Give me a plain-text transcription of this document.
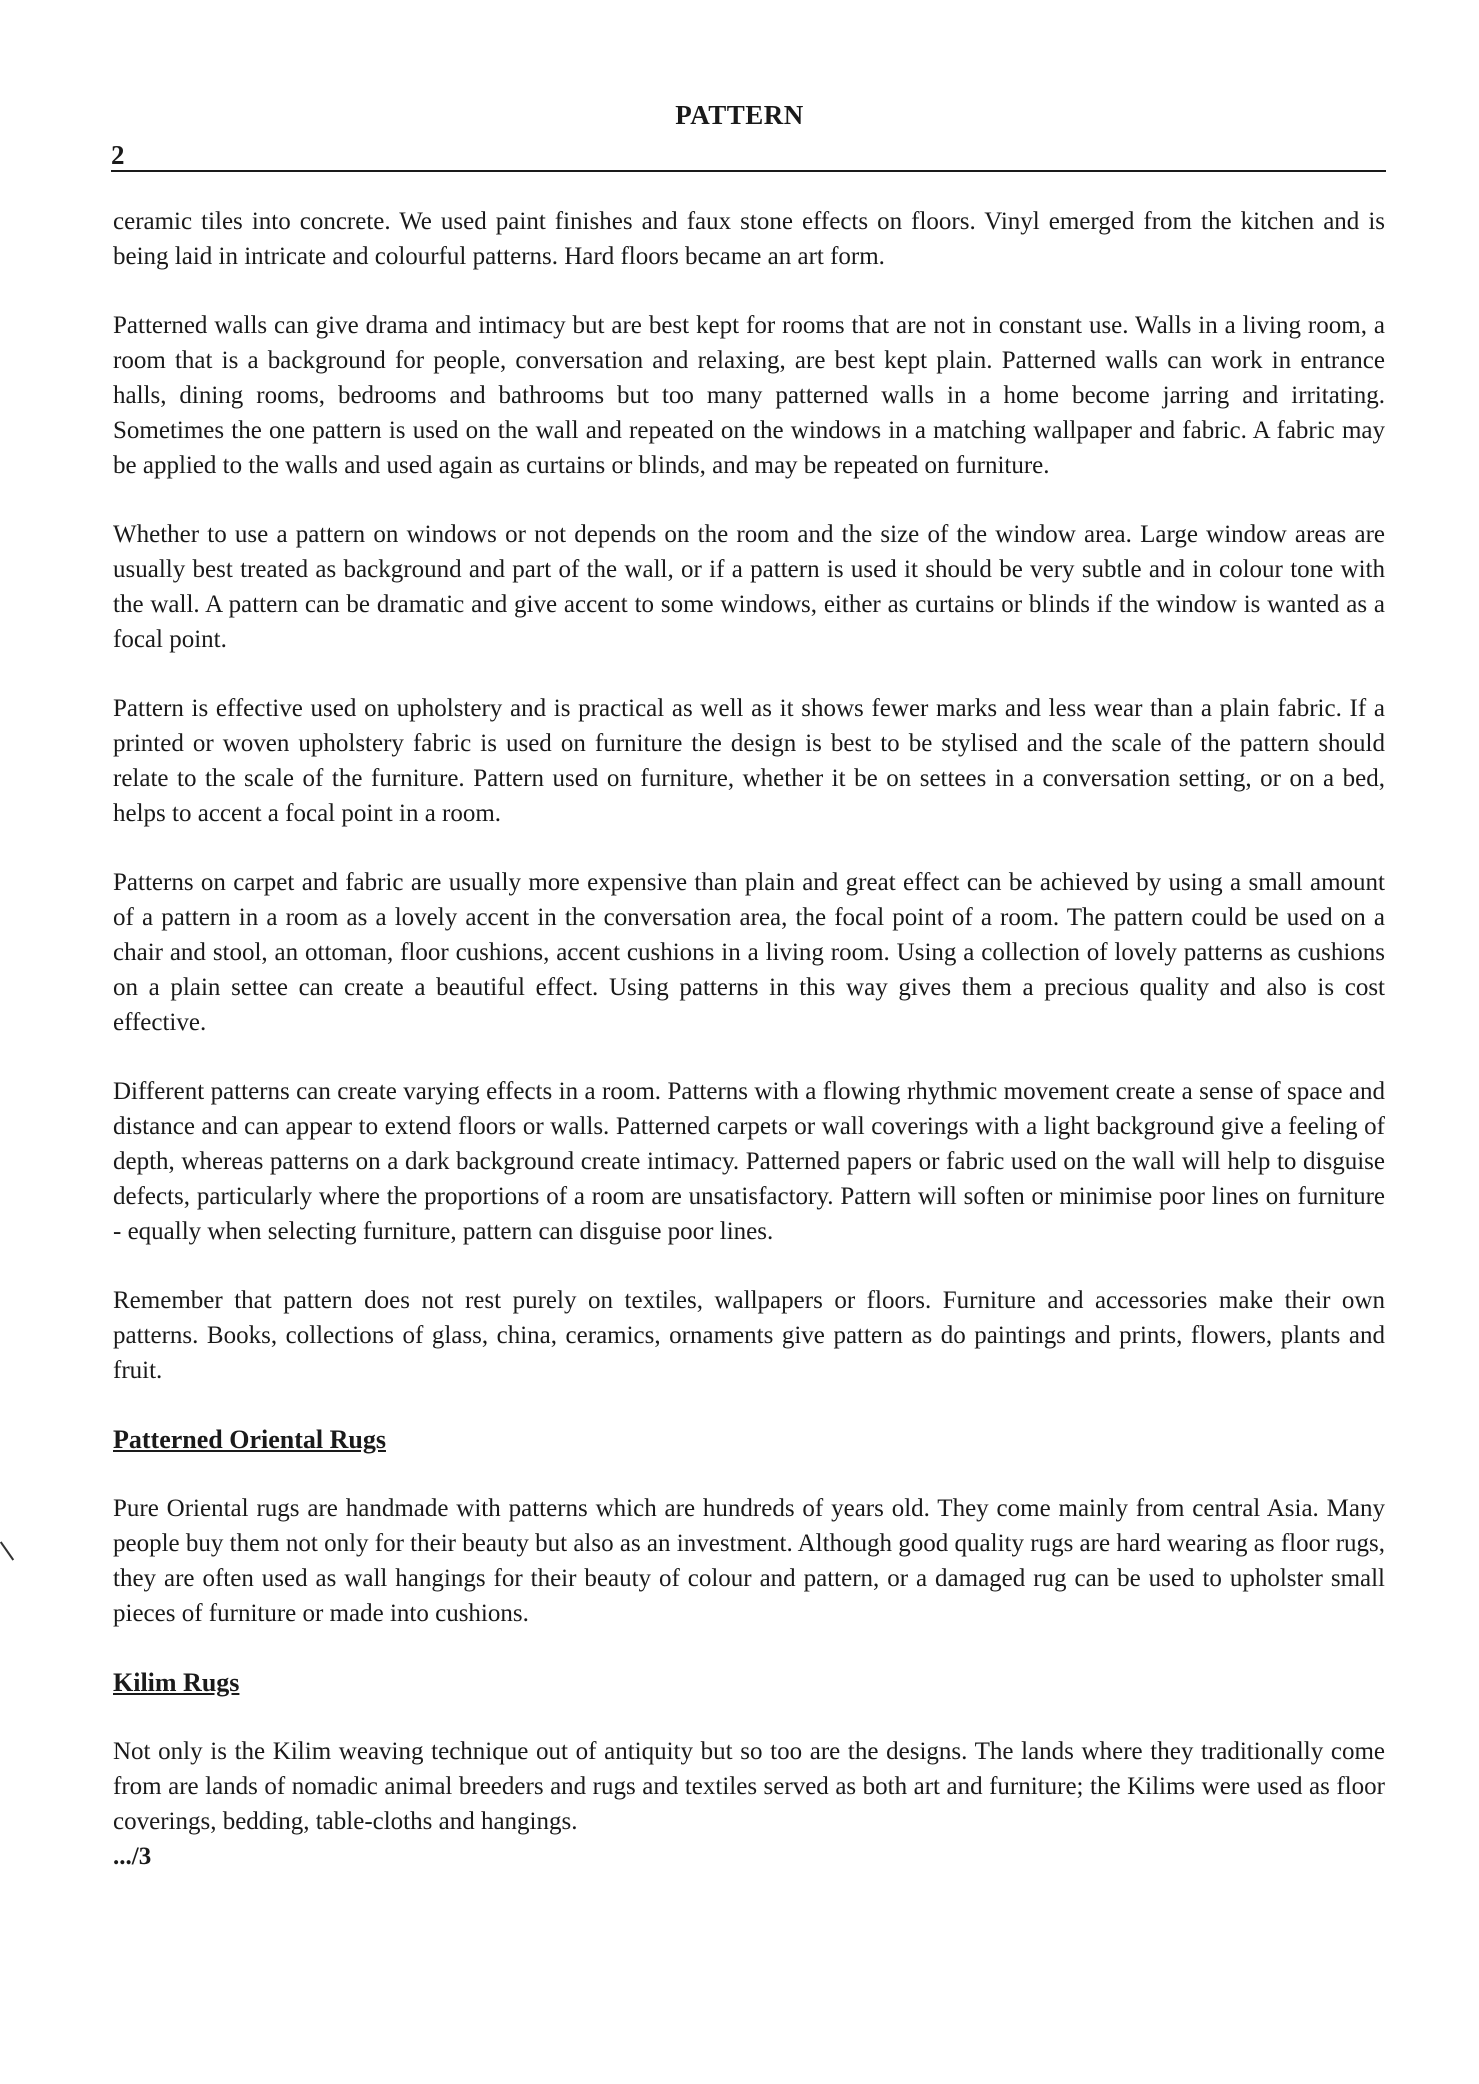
PATTERN
2

ceramic tiles into concrete. We used paint finishes and faux stone effects on floors. Vinyl emerged from the kitchen and is being laid in intricate and colourful patterns. Hard floors became an art form.

Patterned walls can give drama and intimacy but are best kept for rooms that are not in constant use. Walls in a living room, a room that is a background for people, conversation and relaxing, are best kept plain. Patterned walls can work in entrance halls, dining rooms, bedrooms and bathrooms but too many patterned walls in a home become jarring and irritating. Sometimes the one pattern is used on the wall and repeated on the windows in a matching wallpaper and fabric. A fabric may be applied to the walls and used again as curtains or blinds, and may be repeated on furniture.

Whether to use a pattern on windows or not depends on the room and the size of the window area. Large window areas are usually best treated as background and part of the wall, or if a pattern is used it should be very subtle and in colour tone with the wall. A pattern can be dramatic and give accent to some windows, either as curtains or blinds if the window is wanted as a focal point.

Pattern is effective used on upholstery and is practical as well as it shows fewer marks and less wear than a plain fabric. If a printed or woven upholstery fabric is used on furniture the design is best to be stylised and the scale of the pattern should relate to the scale of the furniture. Pattern used on furniture, whether it be on settees in a conversation setting, or on a bed, helps to accent a focal point in a room.

Patterns on carpet and fabric are usually more expensive than plain and great effect can be achieved by using a small amount of a pattern in a room as a lovely accent in the conversation area, the focal point of a room. The pattern could be used on a chair and stool, an ottoman, floor cushions, accent cushions in a living room. Using a collection of lovely patterns as cushions on a plain settee can create a beautiful effect. Using patterns in this way gives them a precious quality and also is cost effective.

Different patterns can create varying effects in a room. Patterns with a flowing rhythmic movement create a sense of space and distance and can appear to extend floors or walls. Patterned carpets or wall coverings with a light background give a feeling of depth, whereas patterns on a dark background create intimacy. Patterned papers or fabric used on the wall will help to disguise defects, particularly where the proportions of a room are unsatisfactory. Pattern will soften or minimise poor lines on furniture - equally when selecting furniture, pattern can disguise poor lines.

Remember that pattern does not rest purely on textiles, wallpapers or floors. Furniture and accessories make their own patterns. Books, collections of glass, china, ceramics, ornaments give pattern as do paintings and prints, flowers, plants and fruit.

Patterned Oriental Rugs

Pure Oriental rugs are handmade with patterns which are hundreds of years old. They come mainly from central Asia. Many people buy them not only for their beauty but also as an investment. Although good quality rugs are hard wearing as floor rugs, they are often used as wall hangings for their beauty of colour and pattern, or a damaged rug can be used to upholster small pieces of furniture or made into cushions.

Kilim Rugs

Not only is the Kilim weaving technique out of antiquity but so too are the designs. The lands where they traditionally come from are lands of nomadic animal breeders and rugs and textiles served as both art and furniture; the Kilims were used as floor coverings, bedding, table-cloths and hangings.

.../3
